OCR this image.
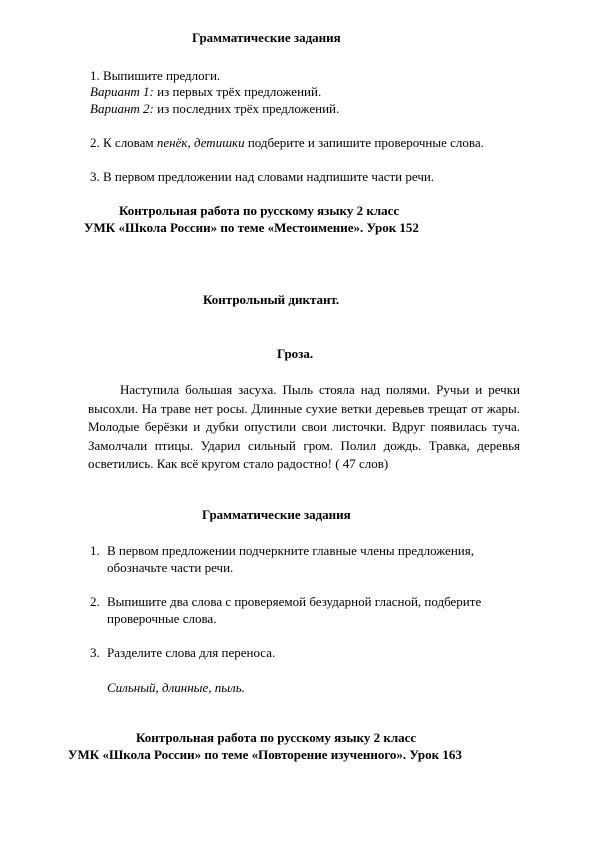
Грамматические задания
1. Выпишите предлоги.
Вариант 1: из первых трёх предложений.
Вариант 2: из последних трёх предложений.
2. К словам пенёк, детишки подберите и запишите проверочные слова.
3. В первом предложении над словами надпишите части речи.
Контрольная работа по русскому языку 2 класс
УМК «Школа России» по теме «Местоимение». Урок 152
Контрольный диктант.
Гроза.
Наступила большая засуха. Пыль стояла над полями. Ручьи и речки высохли. На траве нет росы. Длинные сухие ветки деревьев трещат от жары. Молодые берёзки и дубки опустили свои листочки. Вдруг появилась туча. Замолчали птицы. Ударил сильный гром. Полил дождь. Травка, деревья осветились. Как всё кругом стало радостно! ( 47 слов)
Грамматические задания
1. В первом предложении подчеркните главные члены предложения,
обозначьте части речи.
2. Выпишите два слова с проверяемой безударной гласной, подберите
проверочные слова.
3. Разделите слова для переноса.
Сильный, длинные, пыль.
Контрольная работа по русскому языку 2 класс
УМК «Школа России» по теме «Повторение изученного». Урок 163
